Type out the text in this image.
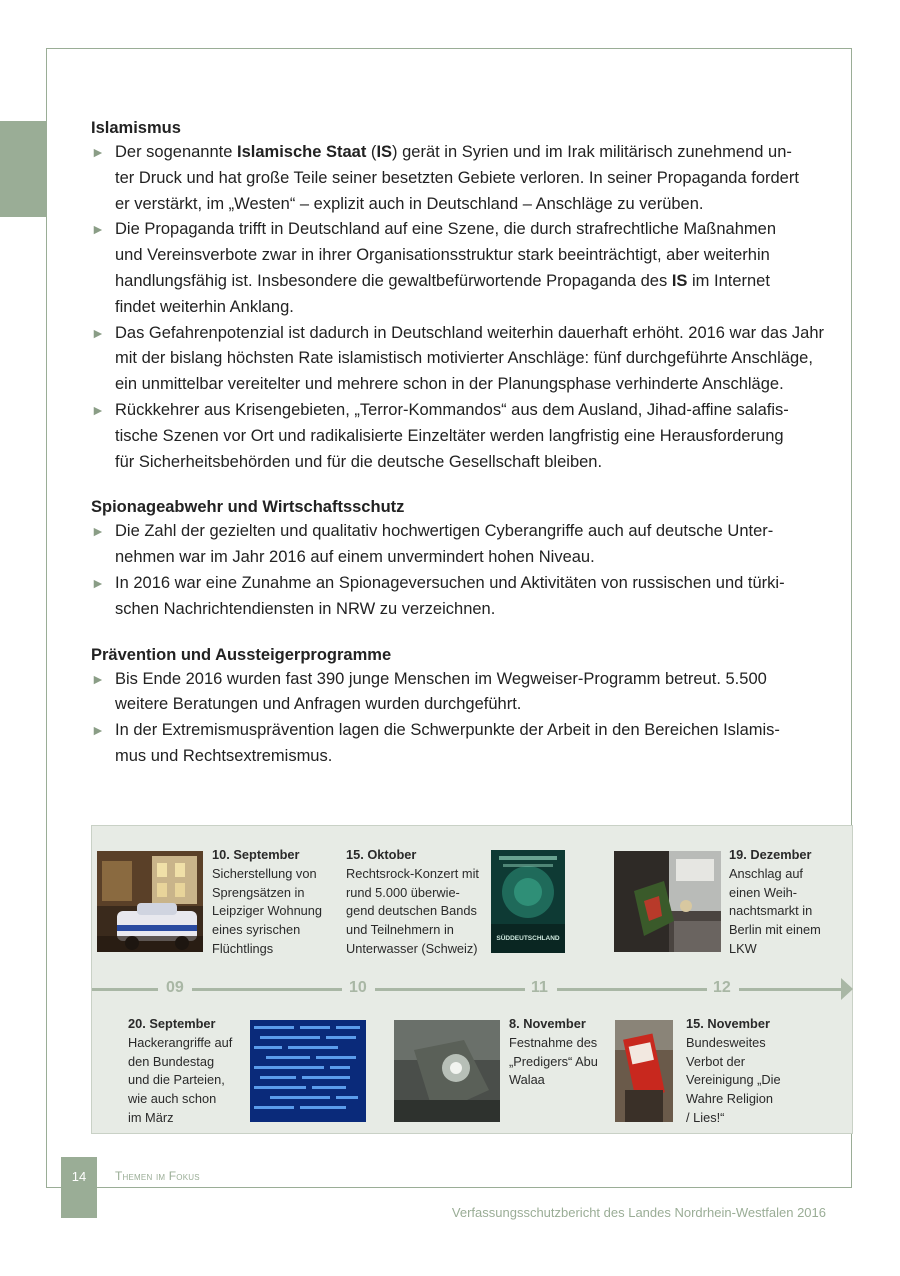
Islamismus
► Der sogenannte Islamische Staat (IS) gerät in Syrien und im Irak militärisch zunehmend un-
ter Druck und hat große Teile seiner besetzten Gebiete verloren. In seiner Propaganda fordert
er verstärkt, im „Westen“ – explizit auch in Deutschland – Anschläge zu verüben.
► Die Propaganda trifft in Deutschland auf eine Szene, die durch strafrechtliche Maßnahmen
und Vereinsverbote zwar in ihrer Organisationsstruktur stark beeinträchtigt, aber weiterhin
handlungsfähig ist. Insbesondere die gewaltbefürwortende Propaganda des IS im Internet
findet weiterhin Anklang.
► Das Gefahrenpotenzial ist dadurch in Deutschland weiterhin dauerhaft erhöht. 2016 war das Jahr
mit der bislang höchsten Rate islamistisch motivierter Anschläge: fünf durchgeführte Anschläge,
ein unmittelbar vereitelter und mehrere schon in der Planungsphase verhinderte Anschläge.
► Rückkehrer aus Krisengebieten, „Terror-Kommandos“ aus dem Ausland, Jihad-affine salafis-
tische Szenen vor Ort und radikalisierte Einzeltäter werden langfristig eine Herausforderung
für Sicherheitsbehörden und für die deutsche Gesellschaft bleiben.
Spionageabwehr und Wirtschaftsschutz
► Die Zahl der gezielten und qualitativ hochwertigen Cyberangriffe auch auf deutsche Unter-
nehmen war im Jahr 2016 auf einem unvermindert hohen Niveau.
► In 2016 war eine Zunahme an Spionageversuchen und Aktivitäten von russischen und türki-
schen Nachrichtendiensten in NRW zu verzeichnen.
Prävention und Aussteigerprogramme
► Bis Ende 2016 wurden fast 390 junge Menschen im Wegweiser-Programm betreut. 5.500
weitere Beratungen und Anfragen wurden durchgeführt.
► In der Extremismusprävention lagen die Schwerpunkte der Arbeit in den Bereichen Islamis-
mus und Rechtsextremismus.
SÜDDEUTSCHLAND
10. September
Sicherstellung von
Sprengsätzen in
Leipziger Wohnung
eines syrischen
Flüchtlings
15. Oktober
Rechtsrock-Konzert mit
rund 5.000 überwie-
gend deutschen Bands
und Teilnehmern in
Unterwasser (Schweiz)
19. Dezember
Anschlag auf
einen Weih-
nachtsmarkt in
Berlin mit einem
LKW
20. September
Hackerangriffe auf
den Bundestag
und die Parteien,
wie auch schon
im März
8. November
Festnahme des
„Predigers“ Abu
Walaa
15. November
Bundesweites
Verbot der
Vereinigung „Die
Wahre Religion
/ Lies!“
09	10	11	12
14	Themen im Fokus
Verfassungsschutzbericht des Landes Nordrhein-Westfalen 2016
